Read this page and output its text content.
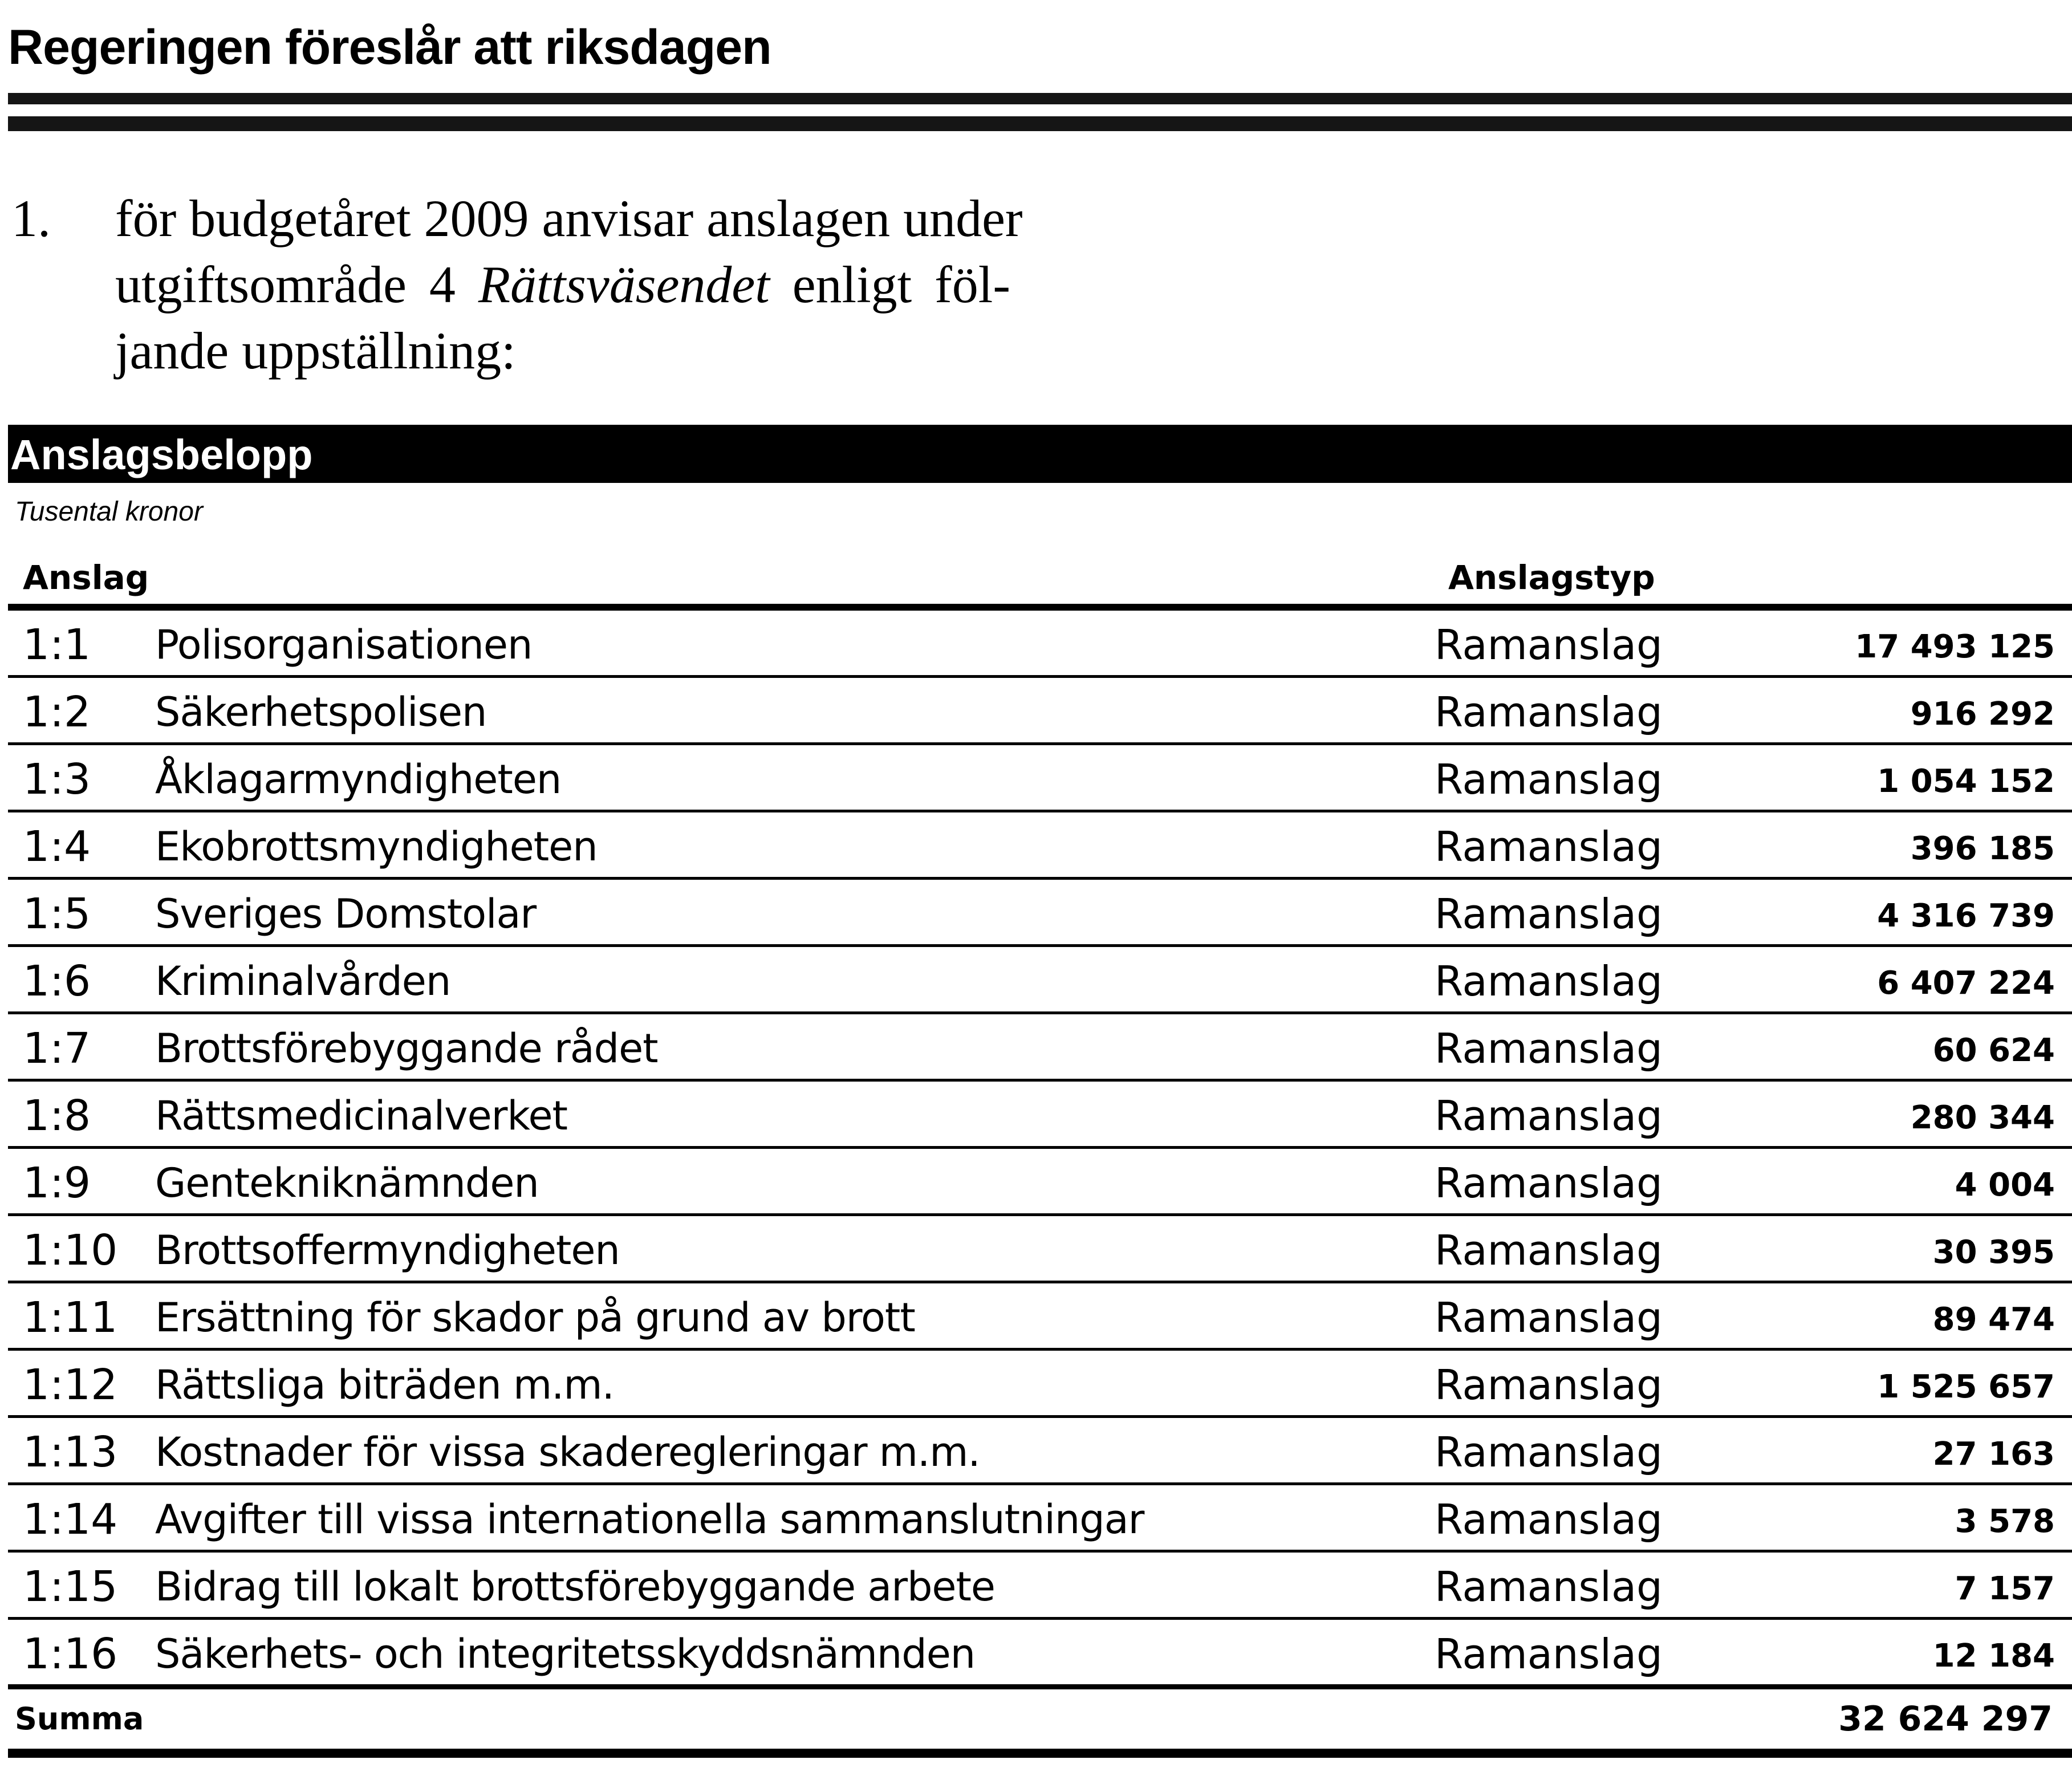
Regeringen föreslår att riksdagen
1. för budgetåret 2009 anvisar anslagen under
utgiftsområde 4 Rättsväsendet enligt föl-
jande uppställning:
Anslagsbelopp
Tusental kronor
Anslag	Anslagstyp
1:1 Polisorganisationen	Ramanslag	17 493 125
1:2 Säkerhetspolisen	Ramanslag	916 292
1:3 Åklagarmyndigheten	Ramanslag	1 054 152
1:4 Ekobrottsmyndigheten	Ramanslag	396 185
1:5 Sveriges Domstolar	Ramanslag	4 316 739
1:6 Kriminalvården	Ramanslag	6 407 224
1:7 Brottsförebyggande rådet	Ramanslag	60 624
1:8 Rättsmedicinalverket	Ramanslag	280 344
1:9 Gentekniknämnden	Ramanslag	4 004
1:10 Brottsoffermyndigheten	Ramanslag	30 395
1:11 Ersättning för skador på grund av brott	Ramanslag	89 474
1:12 Rättsliga biträden m.m.	Ramanslag	1 525 657
1:13 Kostnader för vissa skaderegleringar m.m.	Ramanslag	27 163
1:14 Avgifter till vissa internationella sammanslutningar	Ramanslag	3 578
1:15 Bidrag till lokalt brottsförebyggande arbete	Ramanslag	7 157
1:16 Säkerhets- och integritetsskyddsnämnden	Ramanslag	12 184
Summa	32 624 297
